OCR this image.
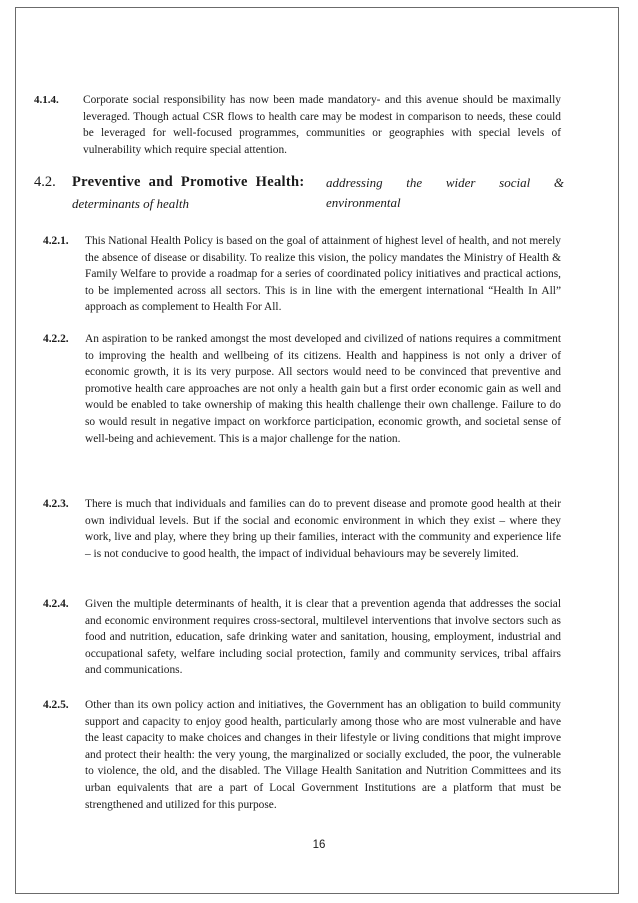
4.1.4. Corporate social responsibility has now been made mandatory- and this avenue should be maximally leveraged. Though actual CSR flows to health care may be modest in comparison to needs, these could be leveraged for well-focused programmes, communities or geographies with special levels of vulnerability which require special attention.
4.2. Preventive and Promotive Health: addressing the wider social & environmental
determinants of health
4.2.1. This National Health Policy is based on the goal of attainment of highest level of health, and not merely the absence of disease or disability. To realize this vision, the policy mandates the Ministry of Health & Family Welfare to provide a roadmap for a series of coordinated policy initiatives and practical actions, to be implemented across all sectors. This is in line with the emergent international “Health In All” approach as complement to Health For All.
4.2.2. An aspiration to be ranked amongst the most developed and civilized of nations requires a commitment to improving the health and wellbeing of its citizens. Health and happiness is not only a driver of economic growth, it is its very purpose. All sectors would need to be convinced that preventive and promotive health care approaches are not only a health gain but a first order economic gain as well and would be enabled to take ownership of making this health challenge their own challenge. Failure to do so would result in negative impact on workforce participation, economic growth, and societal sense of well-being and achievement. This is a major challenge for the nation.
4.2.3. There is much that individuals and families can do to prevent disease and promote good health at their own individual levels. But if the social and economic environment in which they exist – where they work, live and play, where they bring up their families, interact with the community and experience life – is not conducive to good health, the impact of individual behaviours may be severely limited.
4.2.4. Given the multiple determinants of health, it is clear that a prevention agenda that addresses the social and economic environment requires cross-sectoral, multilevel interventions that involve sectors such as food and nutrition, education, safe drinking water and sanitation, housing, employment, industrial and occupational safety, welfare including social protection, family and community services, tribal affairs and communications.
4.2.5. Other than its own policy action and initiatives, the Government has an obligation to build community support and capacity to enjoy good health, particularly among those who are most vulnerable and have the least capacity to make choices and changes in their lifestyle or living conditions that might improve and protect their health: the very young, the marginalized or socially excluded, the poor, the vulnerable to violence, the old, and the disabled. The Village Health Sanitation and Nutrition Committees and its urban equivalents that are a part of Local Government Institutions are a platform that must be strengthened and utilized for this purpose.
16
